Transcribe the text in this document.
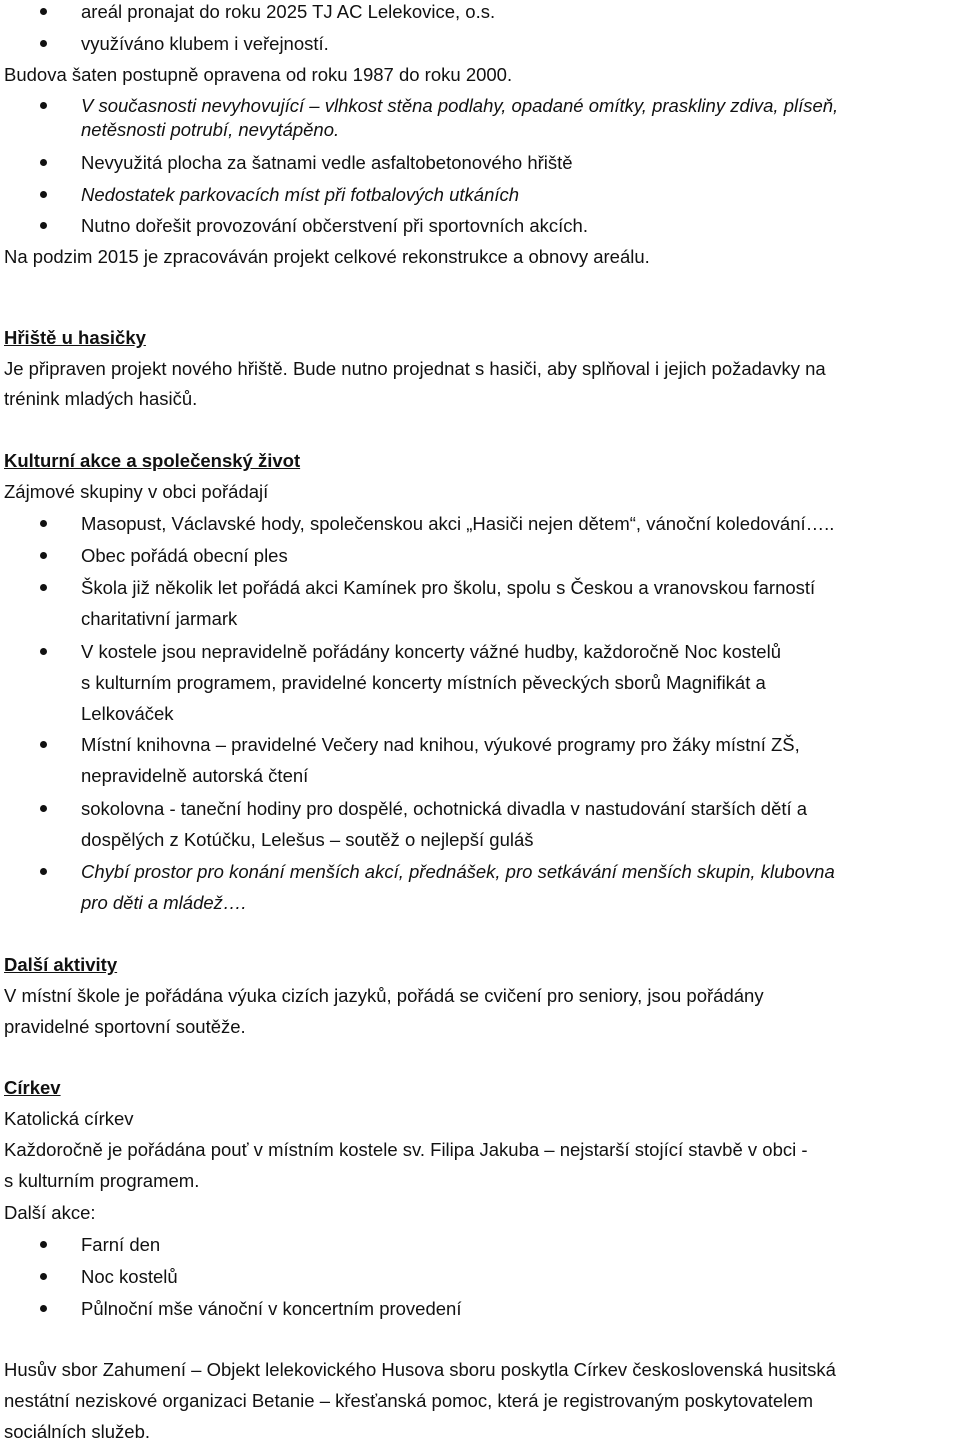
areál pronajat do roku 2025 TJ AC Lelekovice, o.s.
využíváno klubem i veřejností.
Budova šaten postupně opravena od roku 1987 do roku 2000.
V současnosti nevyhovující – vlhkost stěna podlahy, opadané omítky, praskliny zdiva, plíseň,
netěsnosti potrubí, nevytápěno.
Nevyužitá plocha za šatnami vedle asfaltobetonového hřiště
Nedostatek parkovacích míst při fotbalových utkáních
Nutno dořešit provozování občerstvení při sportovních akcích.
Na podzim 2015 je zpracováván projekt celkové rekonstrukce a obnovy areálu.
Hřiště u hasičky
Je připraven projekt nového hřiště. Bude nutno projednat s hasiči, aby splňoval i jejich požadavky na
trénink mladých hasičů.
Kulturní akce a společenský život
Zájmové skupiny v obci pořádají
Masopust, Václavské hody, společenskou akci „Hasiči nejen dětem“, vánoční koledování…..
Obec pořádá obecní ples
Škola již několik let pořádá akci Kamínek pro školu, spolu s Českou a vranovskou farností
charitativní jarmark
V kostele jsou nepravidelně pořádány koncerty vážné hudby, každoročně Noc kostelů
s kulturním programem, pravidelné koncerty místních pěveckých sborů Magnifikát a
Lelkováček
Místní knihovna – pravidelné Večery nad knihou, výukové programy pro žáky místní ZŠ,
nepravidelně autorská čtení
sokolovna - taneční hodiny pro dospělé, ochotnická divadla v nastudování starších dětí a
dospělých z Kotúčku, Lelešus – soutěž o nejlepší guláš
Chybí prostor pro konání menších akcí, přednášek, pro setkávání menších skupin, klubovna
pro děti a mládež….
Další aktivity
V místní škole je pořádána výuka cizích jazyků, pořádá se cvičení pro seniory, jsou pořádány
pravidelné sportovní soutěže.
Církev
Katolická církev
Každoročně je pořádána pouť v místním kostele sv. Filipa Jakuba – nejstarší stojící stavbě v obci -
s kulturním programem.
Další akce:
Farní den
Noc kostelů
Půlnoční mše vánoční v koncertním provedení
Husův sbor Zahumení – Objekt lelekovického Husova sboru poskytla Církev československá husitská
nestátní neziskové organizaci Betanie – křesťanská pomoc, která je registrovaným poskytovatelem
sociálních služeb.
